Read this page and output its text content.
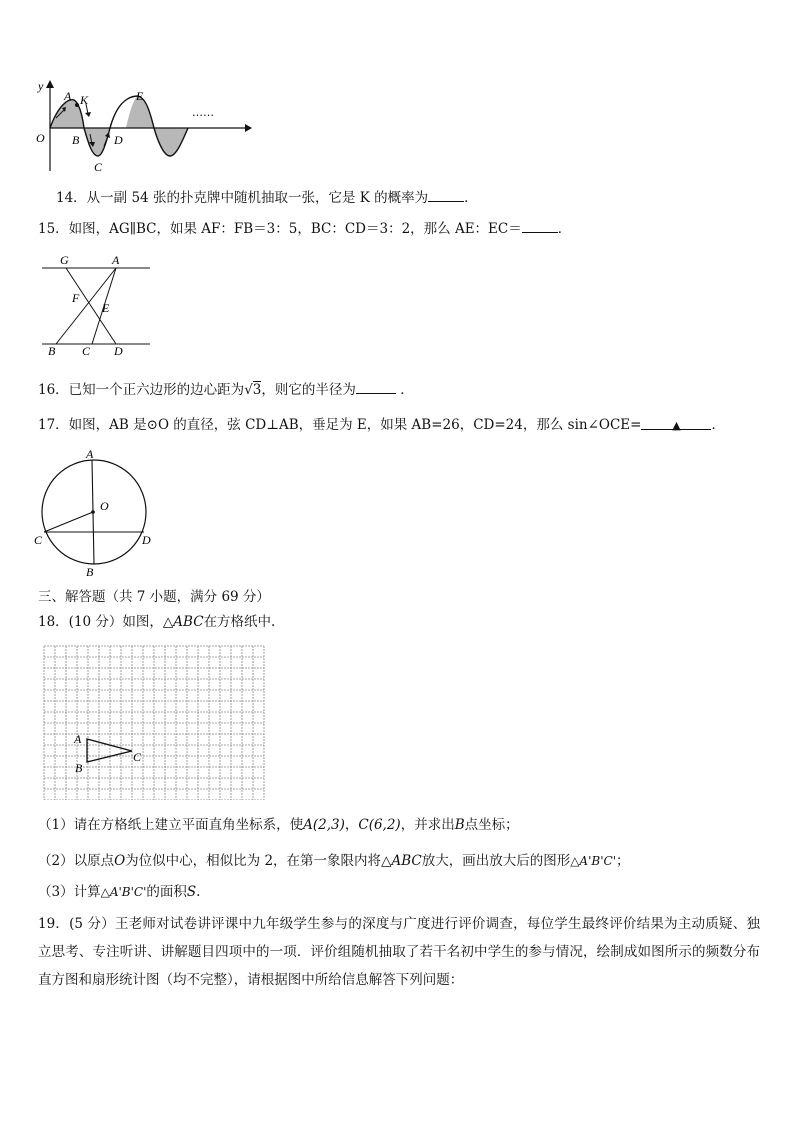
y
O
A K
B
C
D
E
……
14．从一副 54 张的扑克牌中随机抽取一张，它是 K 的概率为	．
15．如图，AG∥BC，如果 AF：FB＝3：5，BC：CD＝3：2，那么 AE：EC＝	．
G	A
F
E
B C D
16．已知一个正六边形的边心距为√3，则它的半径为	．
17．如图，AB 是⊙O 的直径，弦 CD⊥AB，垂足为 E，如果 AB=26，CD=24，那么 sin∠OCE=	▲ ．
A
O
C	D
B
三、解答题（共 7 小题，满分 69 分）
18．(10 分）如图，△ABC在方格纸中.
A
B
C
（1）请在方格纸上建立平面直角坐标系，使A(2,3)，C(6,2)，并求出B点坐标；
（2）以原点O为位似中心，相似比为 2，在第一象限内将△ABC放大，画出放大后的图形△A'B'C'；
（3）计算△A'B'C'的面积S.
19．(5 分）王老师对试卷讲评课中九年级学生参与的深度与广度进行评价调查，每位学生最终评价结果为主动质疑、独立思考、专注听讲、讲解题目四项中的一项．评价组随机抽取了若干名初中学生的参与情况，绘制成如图所示的频数分布直方图和扇形统计图（均不完整），请根据图中所给信息解答下列问题：
